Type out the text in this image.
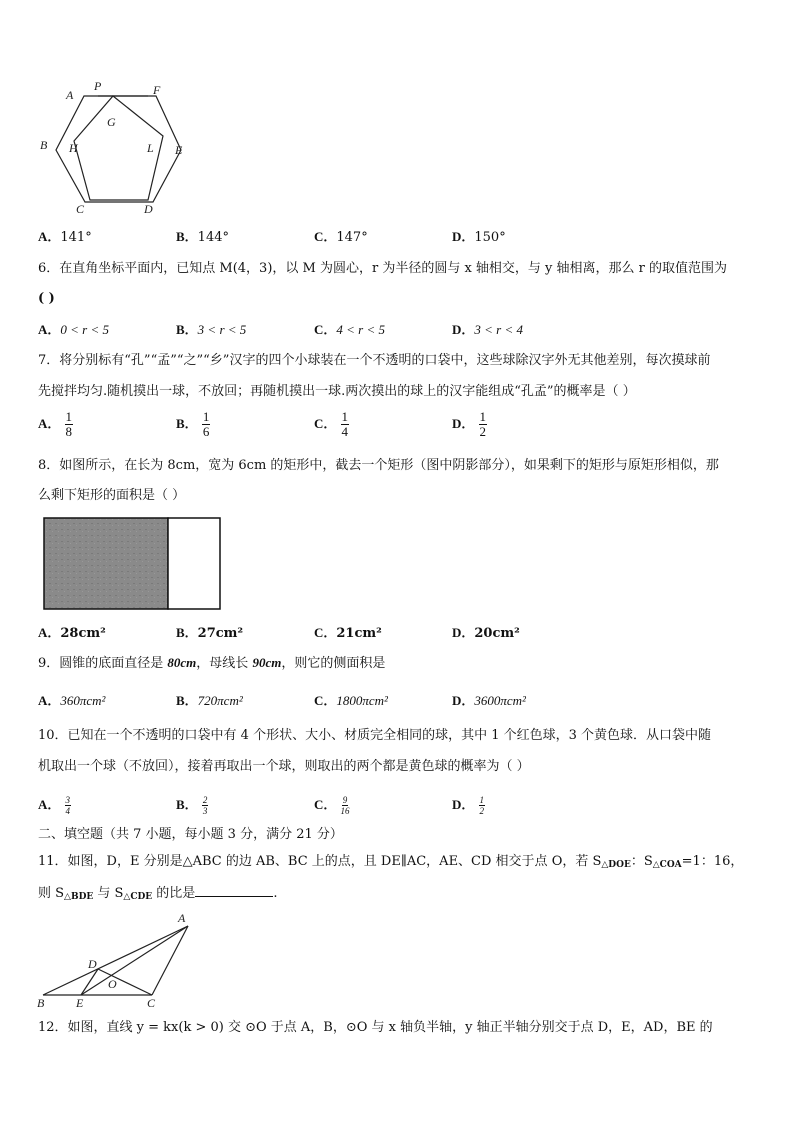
A
P	F
G
B H	L E
C	D
A．141°	B．144°	C．147°	D．150°
6．在直角坐标平面内，已知点 M(4，3)，以 M 为圆心，r 为半径的圆与 x 轴相交，与 y 轴相离，那么 r 的取值范围为
( )
A．0 < r < 5	B．3 < r < 5	C．4 < r < 5	D．3 < r < 4
7．将分别标有“孔”“孟”“之”“乡”汉字的四个小球装在一个不透明的口袋中，这些球除汉字外无其他差别，每次摸球前
先搅拌均匀.随机摸出一球，不放回；再随机摸出一球.两次摸出的球上的汉字能组成“孔孟”的概率是（ ）
A． $\frac{1}{8}$	B． $\frac{1}{6}$	C． $\frac{1}{4}$	D． $\frac{1}{2}$
8．如图所示，在长为 8cm，宽为 6cm 的矩形中，截去一个矩形（图中阴影部分），如果剩下的矩形与原矩形相似，那
么剩下矩形的面积是（ ）
A．28cm²	B．27cm²	C．21cm²	D．20cm²
9．圆锥的底面直径是 80cm，母线长 90cm，则它的侧面积是
A．360πcm²	B．720πcm²	C．1800πcm²	D．3600πcm²
10．已知在一个不透明的口袋中有 4 个形状、大小、材质完全相同的球，其中 1 个红色球，3 个黄色球．从口袋中随
机取出一个球（不放回），接着再取出一个球，则取出的两个都是黄色球的概率为（ ）
A． $\frac{3}{4}$	B． $\frac{2}{3}$	C． $\frac{9}{16}$	D． $\frac{1}{2}$
二、填空题（共 7 小题，每小题 3 分，满分 21 分）
11．如图，D，E 分别是△ABC 的边 AB、BC 上的点，且 DE∥AC，AE、CD 相交于点 O，若 $S_{\triangle DOE}$：$S_{\triangle COA}=1$：16，
则 $S_{\triangle BDE}$ 与 $S_{\triangle CDE}$ 的比是	.
A
D
O
B	E	C
12．如图，直线 y = kx(k > 0) 交 ⊙O 于点 A，B，⊙O 与 x 轴负半轴，y 轴正半轴分别交于点 D，E，AD，BE 的
